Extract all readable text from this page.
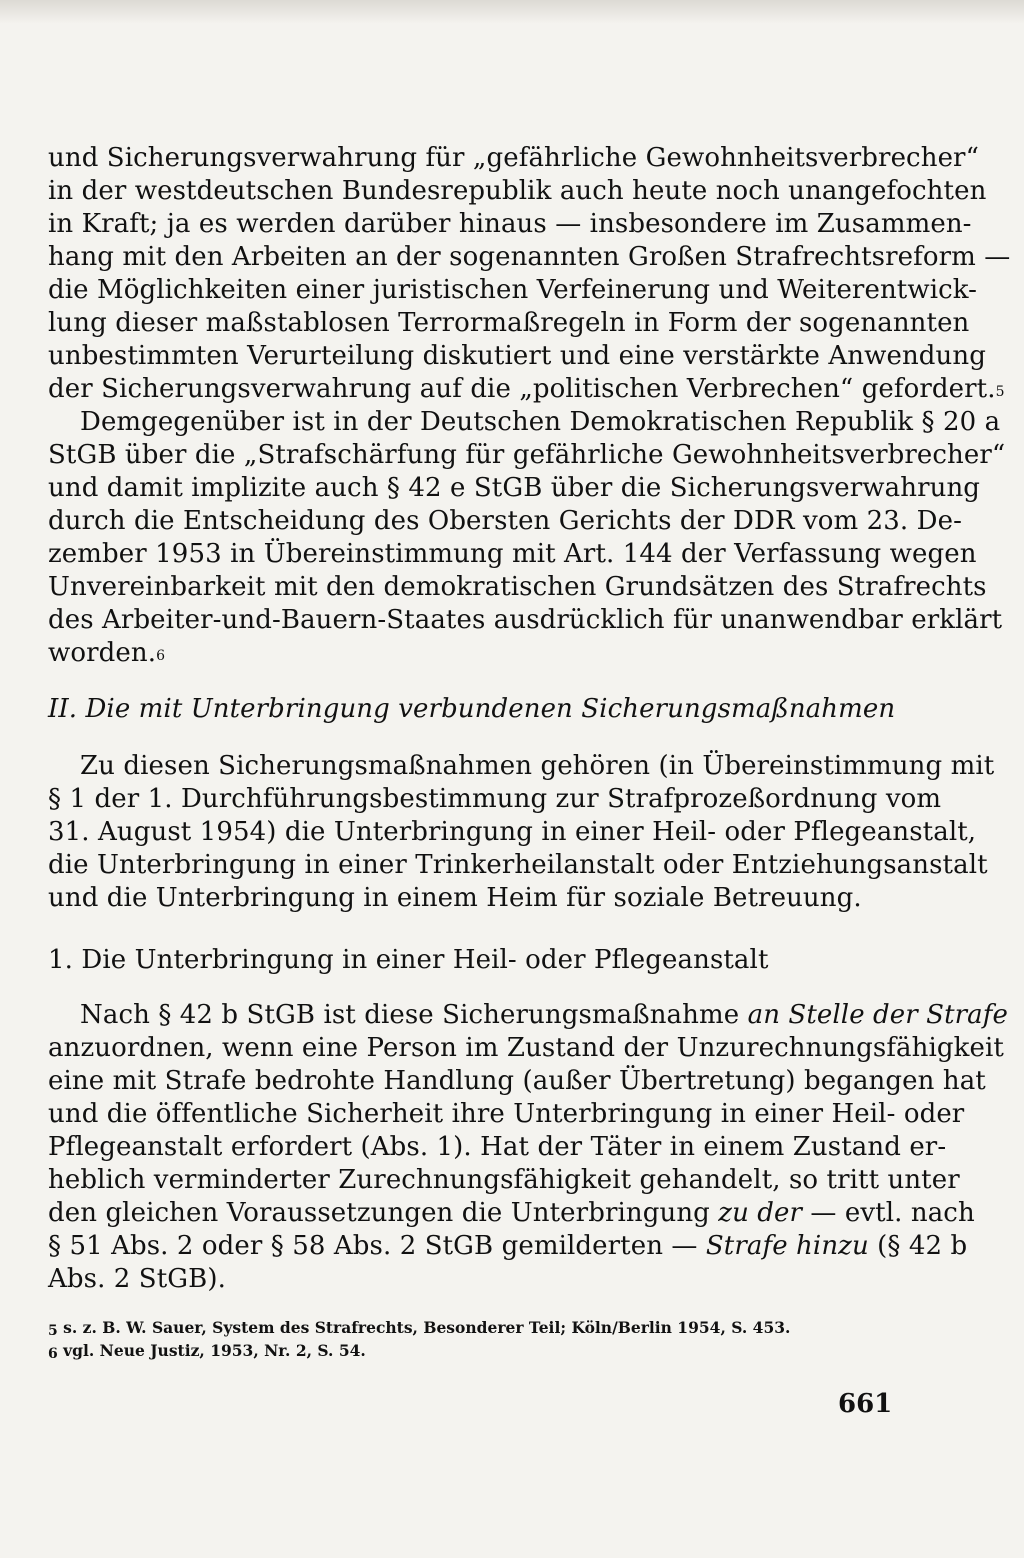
und Sicherungsverwahrung für „gefährliche Gewohnheitsverbrecher“
in der westdeutschen Bundesrepublik auch heute noch unangefochten
in Kraft; ja es werden darüber hinaus — insbesondere im Zusammen-
hang mit den Arbeiten an der sogenannten Großen Strafrechtsreform —
die Möglichkeiten einer juristischen Verfeinerung und Weiterentwick-
lung dieser maßstablosen Terrormaßregeln in Form der sogenannten
unbestimmten Verurteilung diskutiert und eine verstärkte Anwendung
der Sicherungsverwahrung auf die „politischen Verbrechen“ gefordert.$^5$
Demgegenüber ist in der Deutschen Demokratischen Republik § 20 a
StGB über die „Strafschärfung für gefährliche Gewohnheitsverbrecher“
und damit implizite auch § 42 e StGB über die Sicherungsverwahrung
durch die Entscheidung des Obersten Gerichts der DDR vom 23. De-
zember 1953 in Übereinstimmung mit Art. 144 der Verfassung wegen
Unvereinbarkeit mit den demokratischen Grundsätzen des Strafrechts
des Arbeiter-und-Bauern-Staates ausdrücklich für unanwendbar erklärt
worden.$^6$
II. Die mit Unterbringung verbundenen Sicherungsmaßnahmen
Zu diesen Sicherungsmaßnahmen gehören (in Übereinstimmung mit
§ 1 der 1. Durchführungsbestimmung zur Strafprozeßordnung vom
31. August 1954) die Unterbringung in einer Heil- oder Pflegeanstalt,
die Unterbringung in einer Trinkerheilanstalt oder Entziehungsanstalt
und die Unterbringung in einem Heim für soziale Betreuung.
1. Die Unterbringung in einer Heil- oder Pflegeanstalt
Nach § 42 b StGB ist diese Sicherungsmaßnahme an Stelle der Strafe
anzuordnen, wenn eine Person im Zustand der Unzurechnungsfähigkeit
eine mit Strafe bedrohte Handlung (außer Übertretung) begangen hat
und die öffentliche Sicherheit ihre Unterbringung in einer Heil- oder
Pflegeanstalt erfordert (Abs. 1). Hat der Täter in einem Zustand er-
heblich verminderter Zurechnungsfähigkeit gehandelt, so tritt unter
den gleichen Voraussetzungen die Unterbringung zu der — evtl. nach
§ 51 Abs. 2 oder § 58 Abs. 2 StGB gemilderten — Strafe hinzu (§ 42 b
Abs. 2 StGB).
5 s. z. B. W. Sauer, System des Strafrechts, Besonderer Teil; Köln/Berlin 1954, S. 453.
6 vgl. Neue Justiz, 1953, Nr. 2, S. 54.
661
